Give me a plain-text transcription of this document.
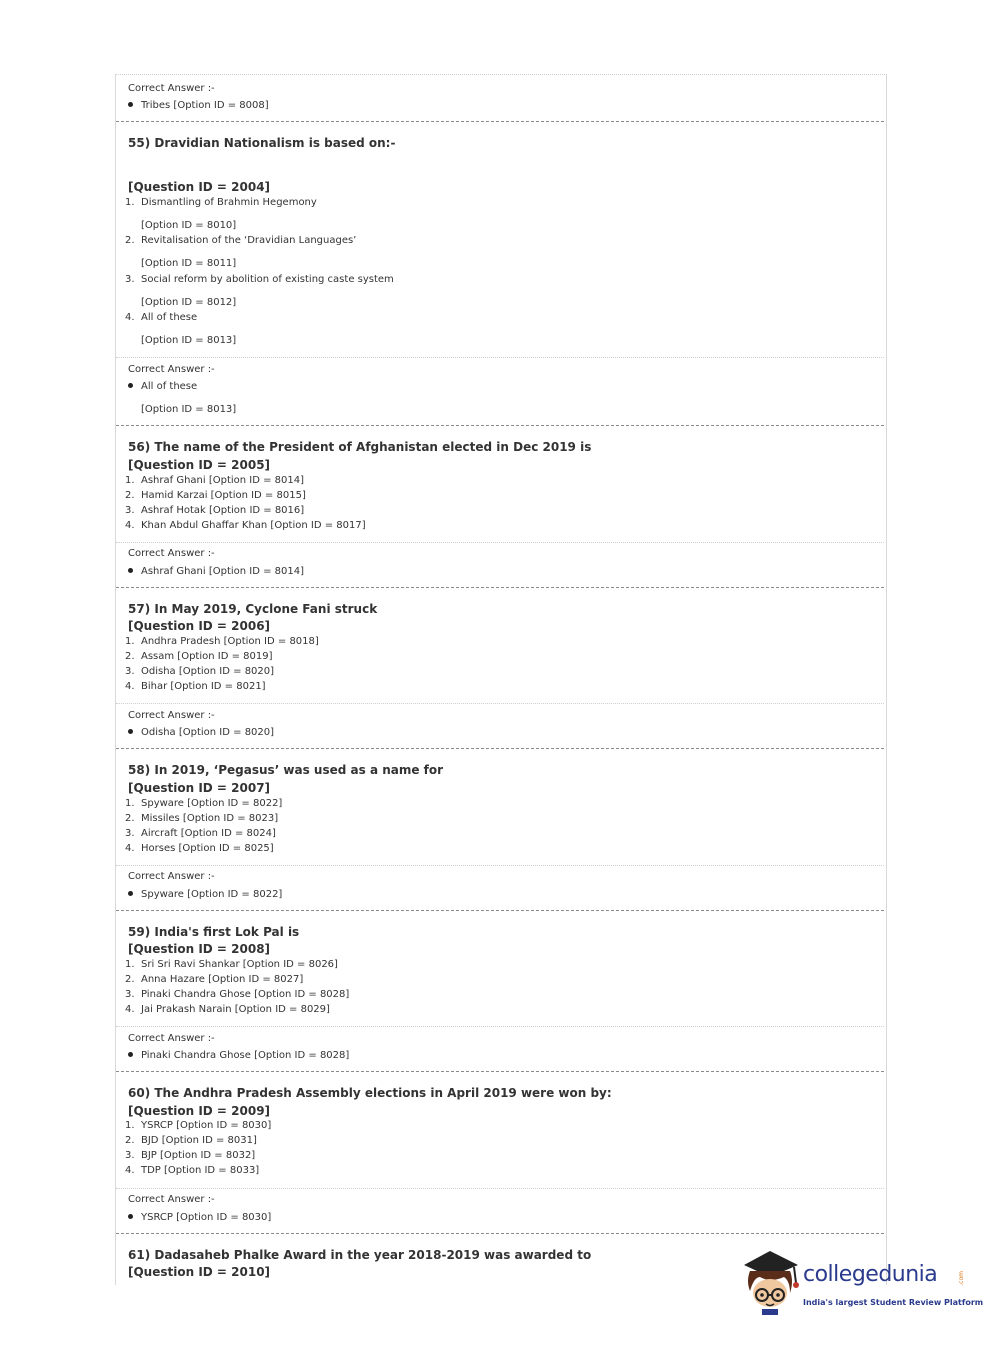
Correct Answer :-
Tribes [Option ID = 8008]
55) Dravidian Nationalism is based on:-
[Question ID = 2004]
1. Dismantling of Brahmin Hegemony
[Option ID = 8010]
2. Revitalisation of the ‘Dravidian Languages’
[Option ID = 8011]
3. Social reform by abolition of existing caste system
[Option ID = 8012]
4. All of these
[Option ID = 8013]
Correct Answer :-
All of these
[Option ID = 8013]
56) The name of the President of Afghanistan elected in Dec 2019 is
[Question ID = 2005]
1. Ashraf Ghani [Option ID = 8014]
2. Hamid Karzai [Option ID = 8015]
3. Ashraf Hotak [Option ID = 8016]
4. Khan Abdul Ghaffar Khan [Option ID = 8017]
Correct Answer :-
Ashraf Ghani [Option ID = 8014]
57) In May 2019, Cyclone Fani struck
[Question ID = 2006]
1. Andhra Pradesh [Option ID = 8018]
2. Assam [Option ID = 8019]
3. Odisha [Option ID = 8020]
4. Bihar [Option ID = 8021]
Correct Answer :-
Odisha [Option ID = 8020]
58) In 2019, ‘Pegasus’ was used as a name for
[Question ID = 2007]
1. Spyware [Option ID = 8022]
2. Missiles [Option ID = 8023]
3. Aircraft [Option ID = 8024]
4. Horses [Option ID = 8025]
Correct Answer :-
Spyware [Option ID = 8022]
59) India's first Lok Pal is
[Question ID = 2008]
1. Sri Sri Ravi Shankar [Option ID = 8026]
2. Anna Hazare [Option ID = 8027]
3. Pinaki Chandra Ghose [Option ID = 8028]
4. Jai Prakash Narain [Option ID = 8029]
Correct Answer :-
Pinaki Chandra Ghose [Option ID = 8028]
60) The Andhra Pradesh Assembly elections in April 2019 were won by:
[Question ID = 2009]
1. YSRCP [Option ID = 8030]
2. BJD [Option ID = 8031]
3. BJP [Option ID = 8032]
4. TDP [Option ID = 8033]
Correct Answer :-
YSRCP [Option ID = 8030]
61) Dadasaheb Phalke Award in the year 2018-2019 was awarded to
[Question ID = 2010]	collegedunia	.com
India's largest Student Review Platform
